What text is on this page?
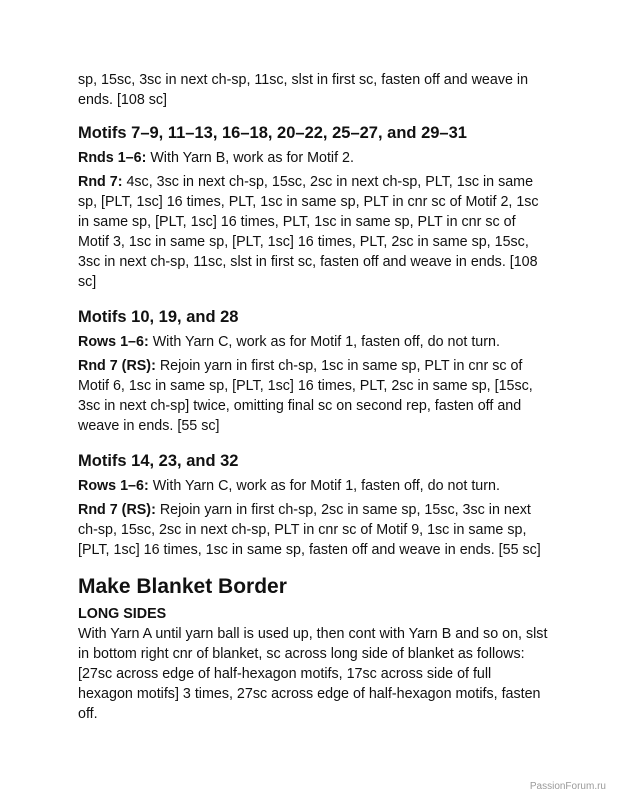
sp, 15sc, 3sc in next ch-sp, 11sc, slst in first sc, fasten off and weave in ends. [108 sc]

Motifs 7–9, 11–13, 16–18, 20–22, 25–27, and 29–31

Rnds 1–6: With Yarn B, work as for Motif 2.

Rnd 7: 4sc, 3sc in next ch-sp, 15sc, 2sc in next ch-sp, PLT, 1sc in same sp, [PLT, 1sc] 16 times, PLT, 1sc in same sp, PLT in cnr sc of Motif 2, 1sc in same sp, [PLT, 1sc] 16 times, PLT, 1sc in same sp, PLT in cnr sc of Motif 3, 1sc in same sp, [PLT, 1sc] 16 times, PLT, 2sc in same sp, 15sc, 3sc in next ch-sp, 11sc, slst in first sc, fasten off and weave in ends. [108 sc]

Motifs 10, 19, and 28

Rows 1–6: With Yarn C, work as for Motif 1, fasten off, do not turn.

Rnd 7 (RS): Rejoin yarn in first ch-sp, 1sc in same sp, PLT in cnr sc of Motif 6, 1sc in same sp, [PLT, 1sc] 16 times, PLT, 2sc in same sp, [15sc, 3sc in next ch-sp] twice, omitting final sc on second rep, fasten off and weave in ends. [55 sc]

Motifs 14, 23, and 32

Rows 1–6: With Yarn C, work as for Motif 1, fasten off, do not turn.

Rnd 7 (RS): Rejoin yarn in first ch-sp, 2sc in same sp, 15sc, 3sc in next ch-sp, 15sc, 2sc in next ch-sp, PLT in cnr sc of Motif 9, 1sc in same sp, [PLT, 1sc] 16 times, 1sc in same sp, fasten off and weave in ends. [55 sc]

Make Blanket Border

LONG SIDES

With Yarn A until yarn ball is used up, then cont with Yarn B and so on, slst in bottom right cnr of blanket, sc across long side of blanket as follows: [27sc across edge of half-hexagon motifs, 17sc across side of full hexagon motifs] 3 times, 27sc across edge of half-hexagon motifs, fasten off.

PassionForum.ru
